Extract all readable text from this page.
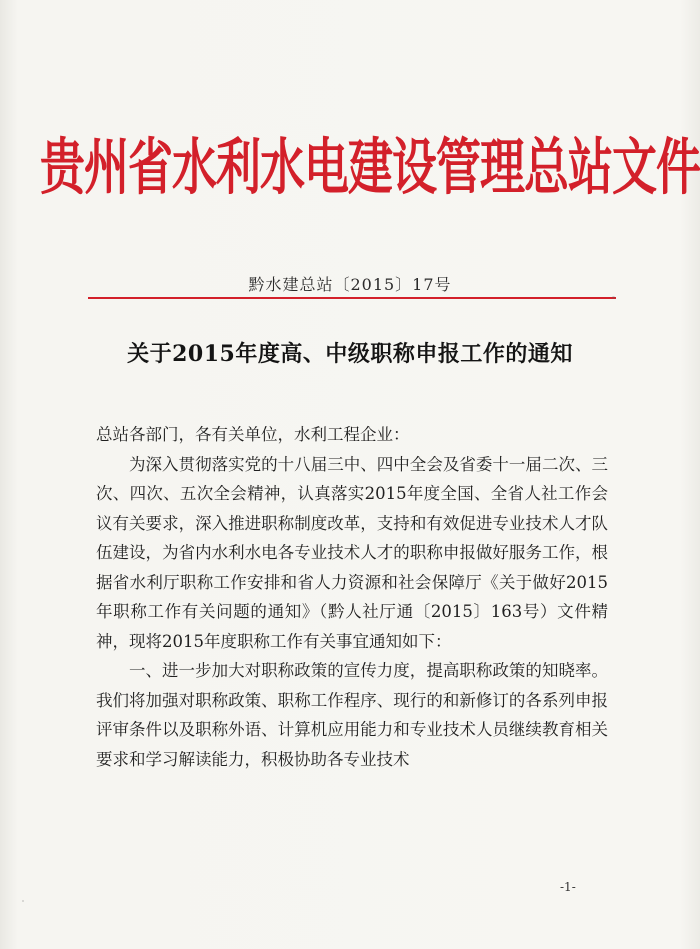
贵州省水利水电建设管理总站文件
黔水建总站〔2015〕17号
关于2015年度高、中级职称申报工作的通知

总站各部门，各有关单位，水利工程企业：

为深入贯彻落实党的十八届三中、四中全会及省委十一届二次、三次、四次、五次全会精神，认真落实2015年度全国、全省人社工作会议有关要求，深入推进职称制度改革，支持和有效促进专业技术人才队伍建设，为省内水利水电各专业技术人才的职称申报做好服务工作，根据省水利厅职称工作安排和省人力资源和社会保障厅《关于做好2015年职称工作有关问题的通知》（黔人社厅通〔2015〕163号）文件精神，现将2015年度职称工作有关事宜通知如下：

一、进一步加大对职称政策的宣传力度，提高职称政策的知晓率。我们将加强对职称政策、职称工作程序、现行的和新修订的各系列申报评审条件以及职称外语、计算机应用能力和专业技术人员继续教育相关要求和学习解读能力，积极协助各专业技术

-1-
